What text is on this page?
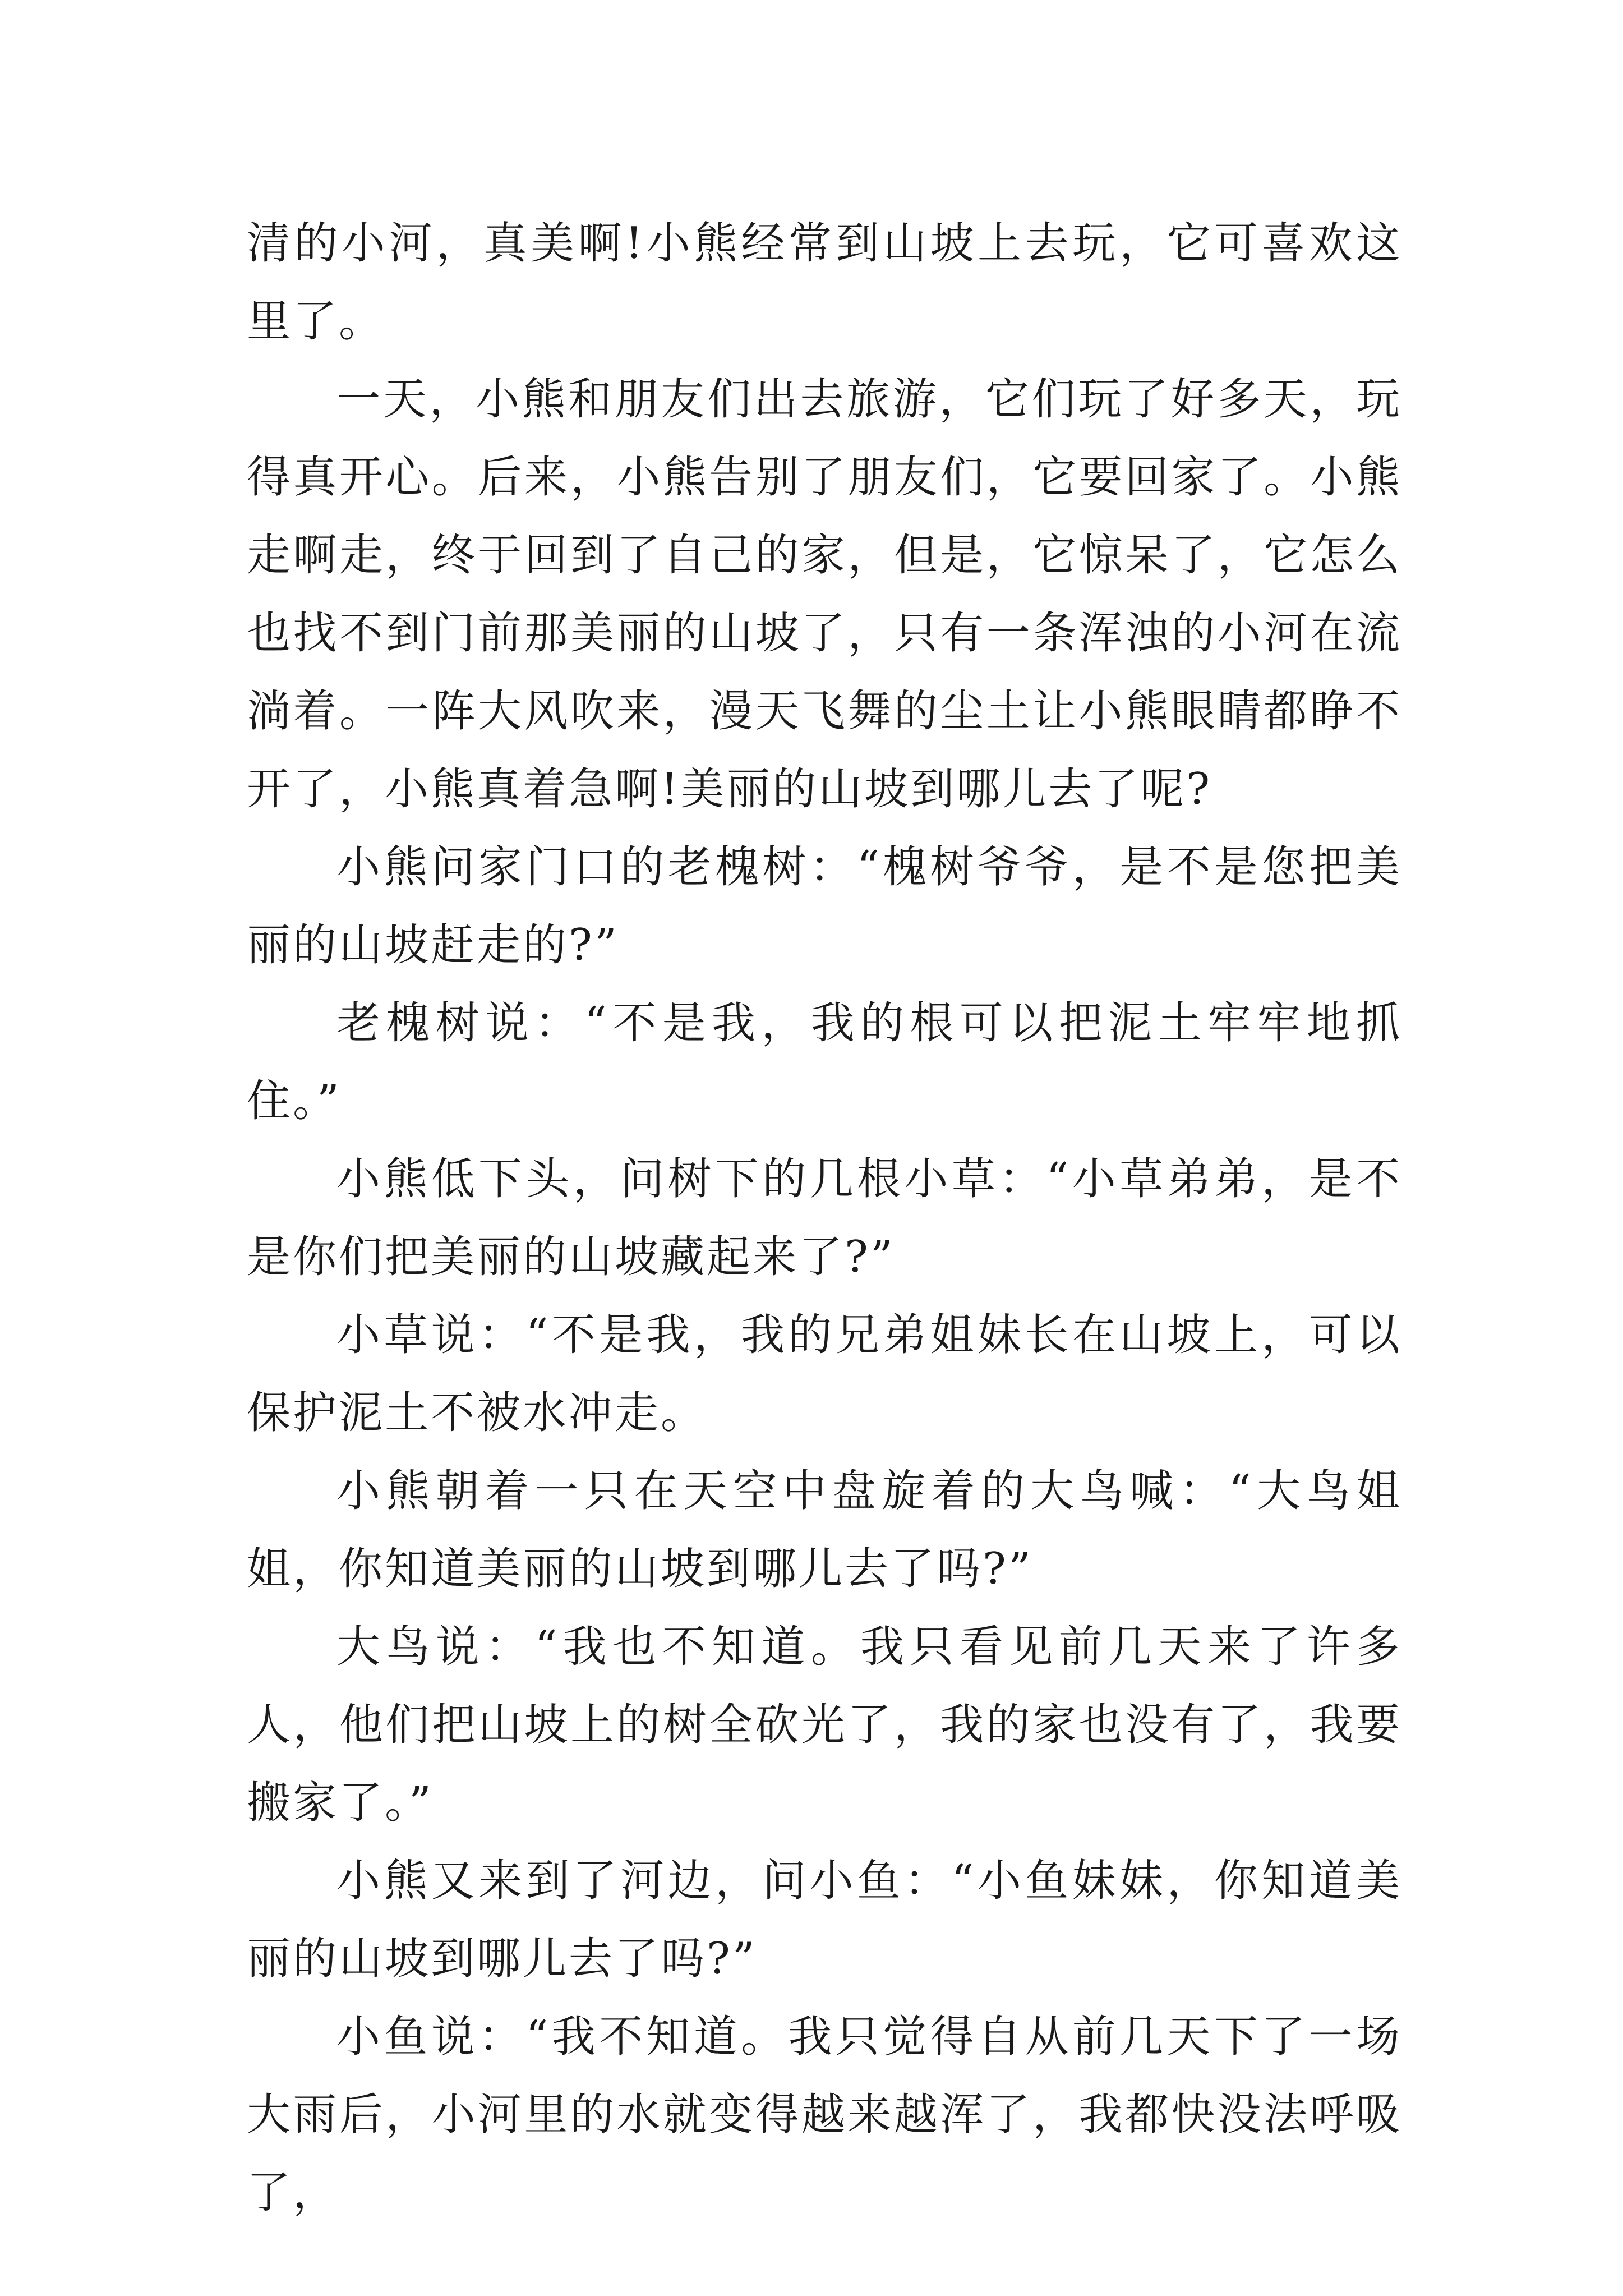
清的小河，真美啊!小熊经常到山坡上去玩，它可喜欢这里了。

一天，小熊和朋友们出去旅游，它们玩了好多天，玩得真开心。后来，小熊告别了朋友们，它要回家了。小熊走啊走，终于回到了自己的家，但是，它惊呆了，它怎么也找不到门前那美丽的山坡了，只有一条浑浊的小河在流淌着。一阵大风吹来，漫天飞舞的尘土让小熊眼睛都睁不开了，小熊真着急啊!美丽的山坡到哪儿去了呢?

小熊问家门口的老槐树：“槐树爷爷，是不是您把美丽的山坡赶走的?”

老槐树说：“不是我，我的根可以把泥土牢牢地抓住。”

小熊低下头，问树下的几根小草：“小草弟弟，是不是你们把美丽的山坡藏起来了?”

小草说：“不是我，我的兄弟姐妹长在山坡上，可以保护泥土不被水冲走。

小熊朝着一只在天空中盘旋着的大鸟喊：“大鸟姐姐，你知道美丽的山坡到哪儿去了吗?”

大鸟说：“我也不知道。我只看见前几天来了许多人，他们把山坡上的树全砍光了，我的家也没有了，我要搬家了。”

小熊又来到了河边，问小鱼：“小鱼妹妹，你知道美丽的山坡到哪儿去了吗?”

小鱼说：“我不知道。我只觉得自从前几天下了一场大雨后，小河里的水就变得越来越浑了，我都快没法呼吸了，
